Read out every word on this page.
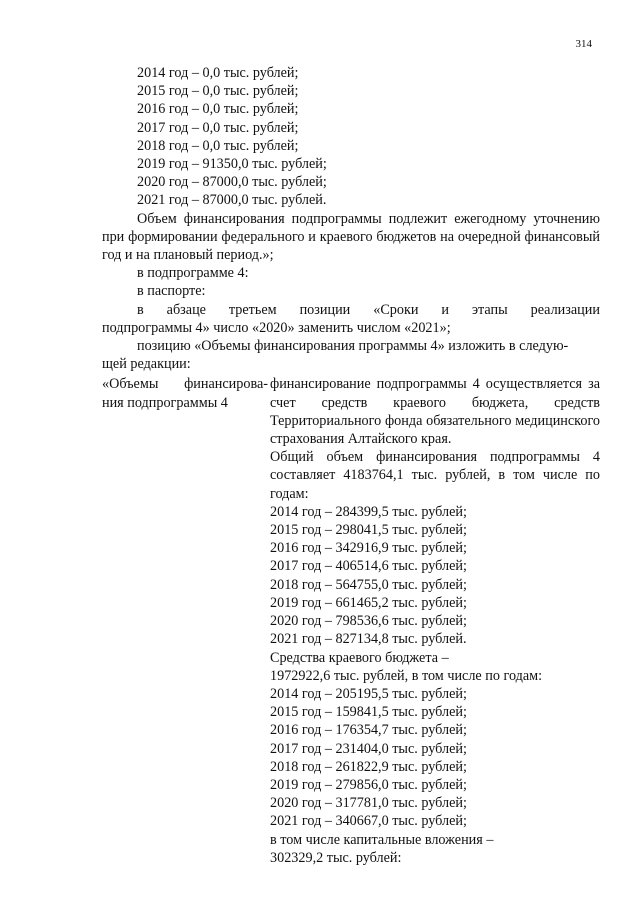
314
2014 год – 0,0 тыс. рублей;
2015 год – 0,0 тыс. рублей;
2016 год – 0,0 тыс. рублей;
2017 год – 0,0 тыс. рублей;
2018 год – 0,0 тыс. рублей;
2019 год – 91350,0 тыс. рублей;
2020 год – 87000,0 тыс. рублей;
2021 год – 87000,0 тыс. рублей.
Объем финансирования подпрограммы подлежит ежегодному уточнению при формировании федерального и краевого бюджетов на очередной финансовый год и на плановый период.»;
в подпрограмме 4:
в паспорте:
в абзаце третьем позиции «Сроки и этапы реализации
подпрограммы 4» число «2020» заменить числом «2021»;
позицию «Объемы финансирования программы 4» изложить в следую-
щей редакции:
«Объемы финансирова-
ния подпрограммы 4
финансирование подпрограммы 4 осуществляется за счет средств краевого бюджета, средств Территориального фонда обязательного медицинского страхования Алтайского края.
Общий объем финансирования подпрограммы 4 составляет 4183764,1 тыс. рублей, в том числе по годам:
2014 год – 284399,5 тыс. рублей;
2015 год – 298041,5 тыс. рублей;
2016 год – 342916,9 тыс. рублей;
2017 год – 406514,6 тыс. рублей;
2018 год – 564755,0 тыс. рублей;
2019 год – 661465,2 тыс. рублей;
2020 год – 798536,6 тыс. рублей;
2021 год – 827134,8 тыс. рублей.
Средства краевого бюджета –
1972922,6 тыс. рублей, в том числе по годам:
2014 год – 205195,5 тыс. рублей;
2015 год – 159841,5 тыс. рублей;
2016 год – 176354,7 тыс. рублей;
2017 год – 231404,0 тыс. рублей;
2018 год – 261822,9 тыс. рублей;
2019 год – 279856,0 тыс. рублей;
2020 год – 317781,0 тыс. рублей;
2021 год – 340667,0 тыс. рублей;
в том числе капитальные вложения –
302329,2 тыс. рублей:
